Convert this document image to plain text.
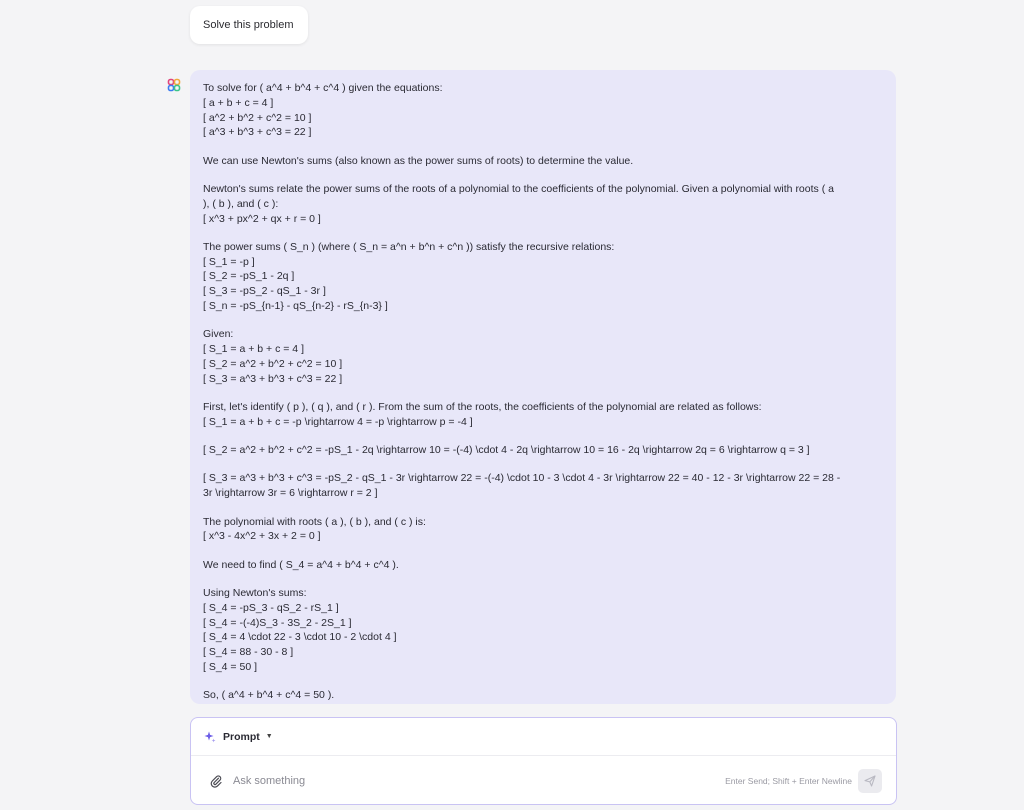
Solve this problem
To solve for ( a^4 + b^4 + c^4 ) given the equations:
[ a + b + c = 4 ]
[ a^2 + b^2 + c^2 = 10 ]
[ a^3 + b^3 + c^3 = 22 ]
We can use Newton's sums (also known as the power sums of roots) to determine the value.
Newton's sums relate the power sums of the roots of a polynomial to the coefficients of the polynomial. Given a polynomial with roots ( a
), ( b ), and ( c ):
[ x^3 + px^2 + qx + r = 0 ]
The power sums ( S_n ) (where ( S_n = a^n + b^n + c^n )) satisfy the recursive relations:
[ S_1 = -p ]
[ S_2 = -pS_1 - 2q ]
[ S_3 = -pS_2 - qS_1 - 3r ]
[ S_n = -pS_{n-1} - qS_{n-2} - rS_{n-3} ]
Given:
[ S_1 = a + b + c = 4 ]
[ S_2 = a^2 + b^2 + c^2 = 10 ]
[ S_3 = a^3 + b^3 + c^3 = 22 ]
First, let's identify ( p ), ( q ), and ( r ). From the sum of the roots, the coefficients of the polynomial are related as follows:
[ S_1 = a + b + c = -p \rightarrow 4 = -p \rightarrow p = -4 ]
[ S_2 = a^2 + b^2 + c^2 = -pS_1 - 2q \rightarrow 10 = -(-4) \cdot 4 - 2q \rightarrow 10 = 16 - 2q \rightarrow 2q = 6 \rightarrow q = 3 ]
[ S_3 = a^3 + b^3 + c^3 = -pS_2 - qS_1 - 3r \rightarrow 22 = -(-4) \cdot 10 - 3 \cdot 4 - 3r \rightarrow 22 = 40 - 12 - 3r \rightarrow 22 = 28 -
3r \rightarrow 3r = 6 \rightarrow r = 2 ]
The polynomial with roots ( a ), ( b ), and ( c ) is:
[ x^3 - 4x^2 + 3x + 2 = 0 ]
We need to find ( S_4 = a^4 + b^4 + c^4 ).
Using Newton's sums:
[ S_4 = -pS_3 - qS_2 - rS_1 ]
[ S_4 = -(-4)S_3 - 3S_2 - 2S_1 ]
[ S_4 = 4 \cdot 22 - 3 \cdot 10 - 2 \cdot 4 ]
[ S_4 = 88 - 30 - 8 ]
[ S_4 = 50 ]
So, ( a^4 + b^4 + c^4 = 50 ).
Prompt ▼
Ask something
Enter Send; Shift + Enter Newline
